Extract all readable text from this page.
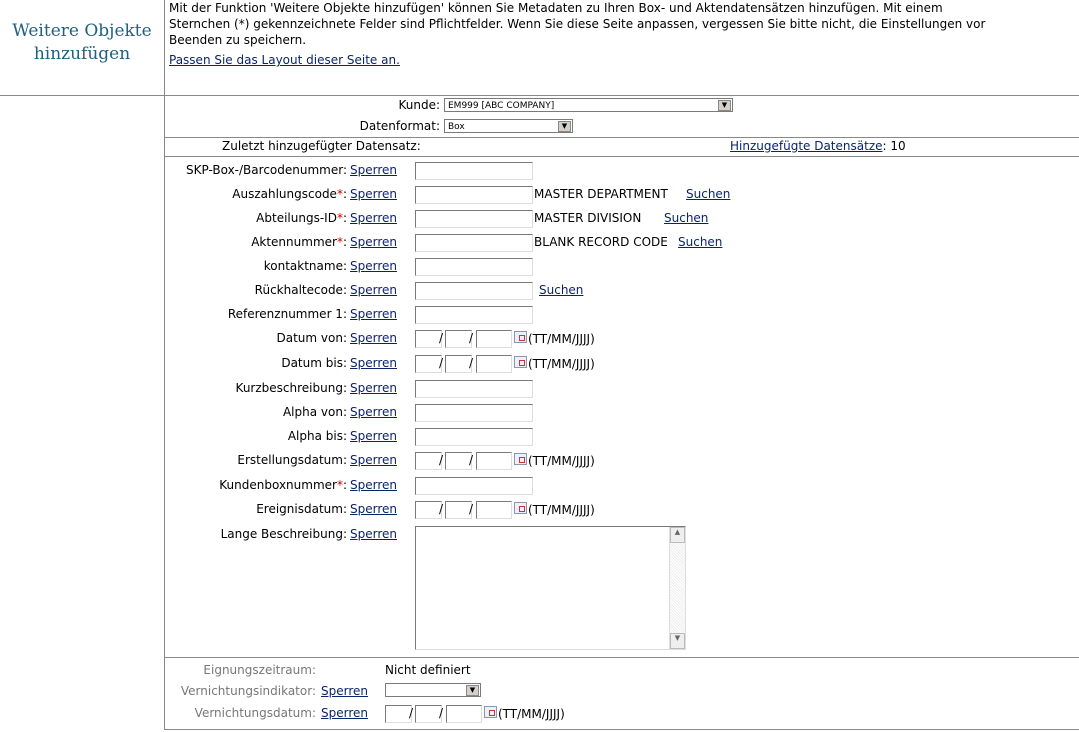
Weitere Objekte
hinzufügen
Mit der Funktion 'Weitere Objekte hinzufügen' können Sie Metadaten zu Ihren Box- und Aktendatensätzen hinzufügen. Mit einem
Sternchen (*) gekennzeichnete Felder sind Pflichtfelder. Wenn Sie diese Seite anpassen, vergessen Sie bitte nicht, die Einstellungen vor
Beenden zu speichern.
Passen Sie das Layout dieser Seite an.
Kunde: EM999 [ABC COMPANY]	▼
Datenformat: Box	▼
Zuletzt hinzugefügter Datensatz:	Hinzugefügte Datensätze: 10
SKP-Box-/Barcodenummer: Sperren
Auszahlungscode*: Sperren	MASTER DEPARTMENT Suchen
Abteilungs-ID*: Sperren	MASTER DIVISION Suchen
Aktennummer*: Sperren	BLANK RECORD CODE Suchen
kontaktname: Sperren
Rückhaltecode: Sperren	Suchen
Referenznummer 1: Sperren
Datum von: Sperren	/ /	(TT/MM/JJJJ)
Datum bis: Sperren	/ /	(TT/MM/JJJJ)
Kurzbeschreibung: Sperren
Alpha von: Sperren
Alpha bis: Sperren
Erstellungsdatum: Sperren	/ /	(TT/MM/JJJJ)
Kundenboxnummer*: Sperren
Ereignisdatum: Sperren	/ /	(TT/MM/JJJJ)
Lange Beschreibung: Sperren	▲
▼
Eignungszeitraum:	Nicht definiert
Vernichtungsindikator: Sperren	▼
Vernichtungsdatum: Sperren	/ /	(TT/MM/JJJJ)
